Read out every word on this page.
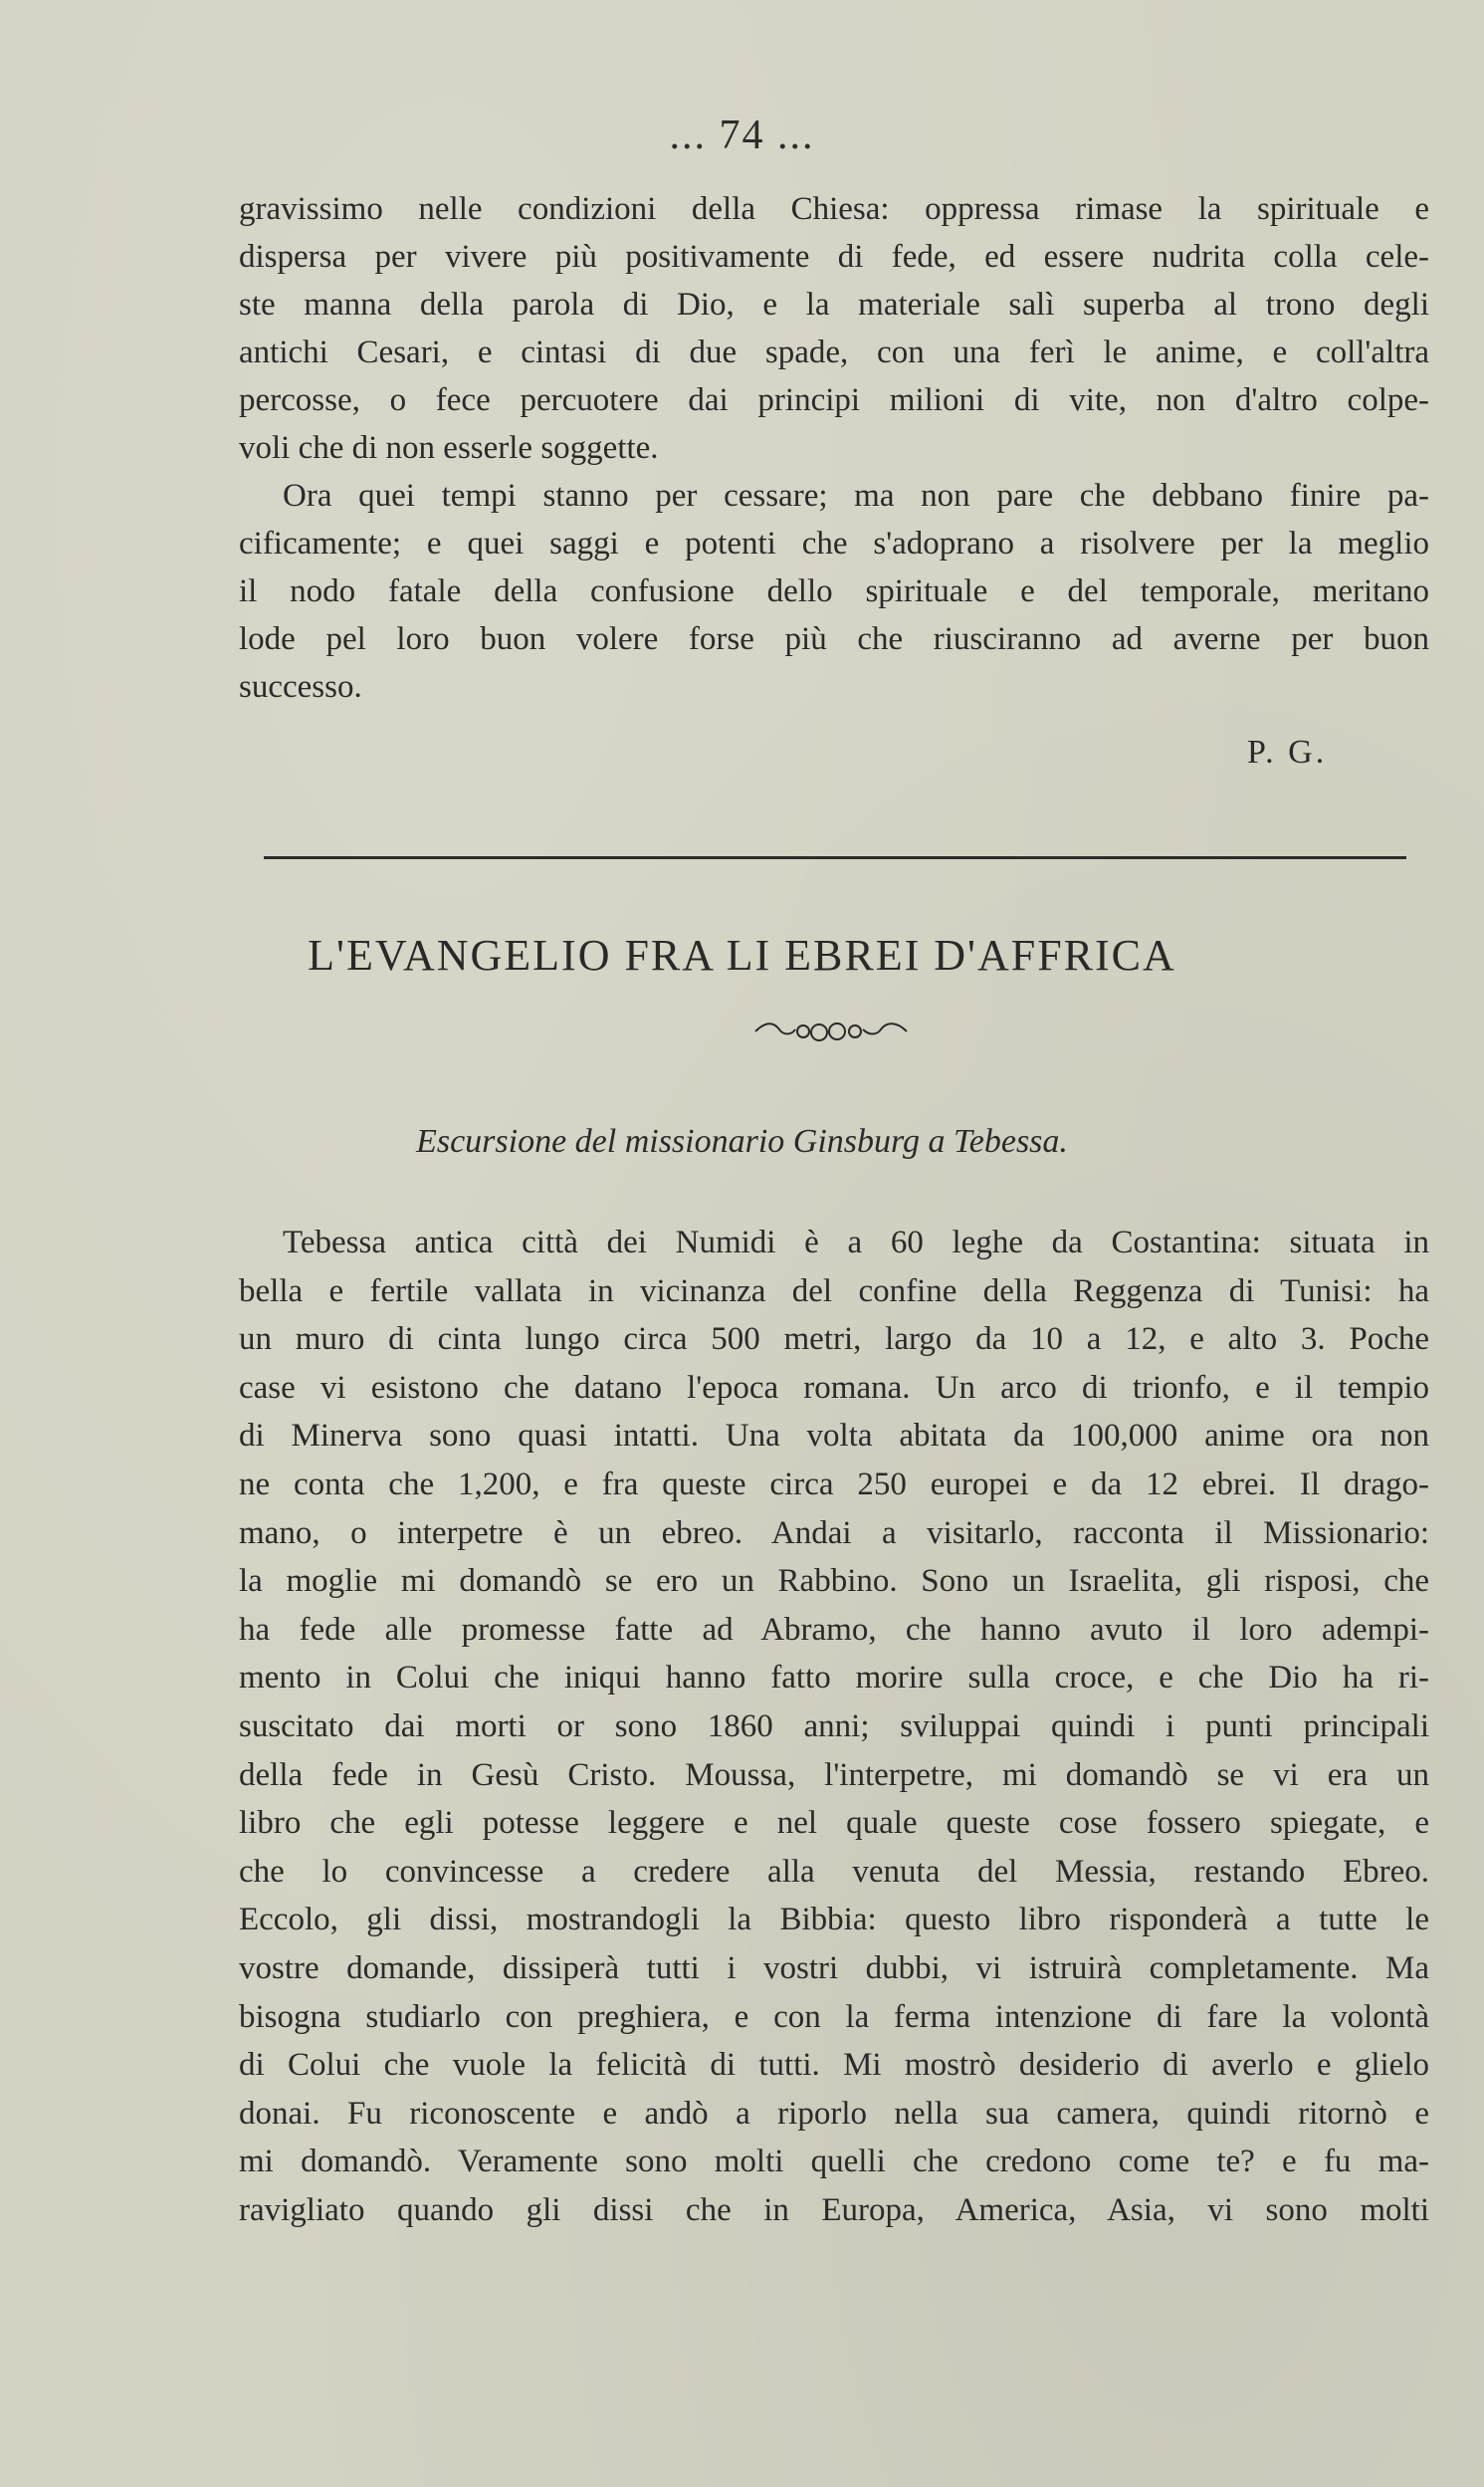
... 74 ...
gravissimo nelle condizioni della Chiesa: oppressa rimase la spirituale e
dispersa per vivere più positivamente di fede, ed essere nudrita colla cele-
ste manna della parola di Dio, e la materiale salì superba al trono degli
antichi Cesari, e cintasi di due spade, con una ferì le anime, e coll'altra
percosse, o fece percuotere dai principi milioni di vite, non d'altro colpe-
voli che di non esserle soggette.
Ora quei tempi stanno per cessare; ma non pare che debbano finire pa-
cificamente; e quei saggi e potenti che s'adoprano a risolvere per la meglio
il nodo fatale della confusione dello spirituale e del temporale, meritano
lode pel loro buon volere forse più che riusciranno ad averne per buon
successo.
P. G.
L'EVANGELIO FRA LI EBREI D'AFFRICA
Escursione del missionario Ginsburg a Tebessa.
Tebessa antica città dei Numidi è a 60 leghe da Costantina: situata in
bella e fertile vallata in vicinanza del confine della Reggenza di Tunisi: ha
un muro di cinta lungo circa 500 metri, largo da 10 a 12, e alto 3. Poche
case vi esistono che datano l'epoca romana. Un arco di trionfo, e il tempio
di Minerva sono quasi intatti. Una volta abitata da 100,000 anime ora non
ne conta che 1,200, e fra queste circa 250 europei e da 12 ebrei. Il drago-
mano, o interpetre è un ebreo. Andai a visitarlo, racconta il Missionario:
la moglie mi domandò se ero un Rabbino. Sono un Israelita, gli risposi, che
ha fede alle promesse fatte ad Abramo, che hanno avuto il loro adempi-
mento in Colui che iniqui hanno fatto morire sulla croce, e che Dio ha ri-
suscitato dai morti or sono 1860 anni; sviluppai quindi i punti principali
della fede in Gesù Cristo. Moussa, l'interpetre, mi domandò se vi era un
libro che egli potesse leggere e nel quale queste cose fossero spiegate, e
che lo convincesse a credere alla venuta del Messia, restando Ebreo.
Eccolo, gli dissi, mostrandogli la Bibbia: questo libro risponderà a tutte le
vostre domande, dissiperà tutti i vostri dubbi, vi istruirà completamente. Ma
bisogna studiarlo con preghiera, e con la ferma intenzione di fare la volontà
di Colui che vuole la felicità di tutti. Mi mostrò desiderio di averlo e glielo
donai. Fu riconoscente e andò a riporlo nella sua camera, quindi ritornò e
mi domandò. Veramente sono molti quelli che credono come te? e fu ma-
ravigliato quando gli dissi che in Europa, America, Asia, vi sono molti
